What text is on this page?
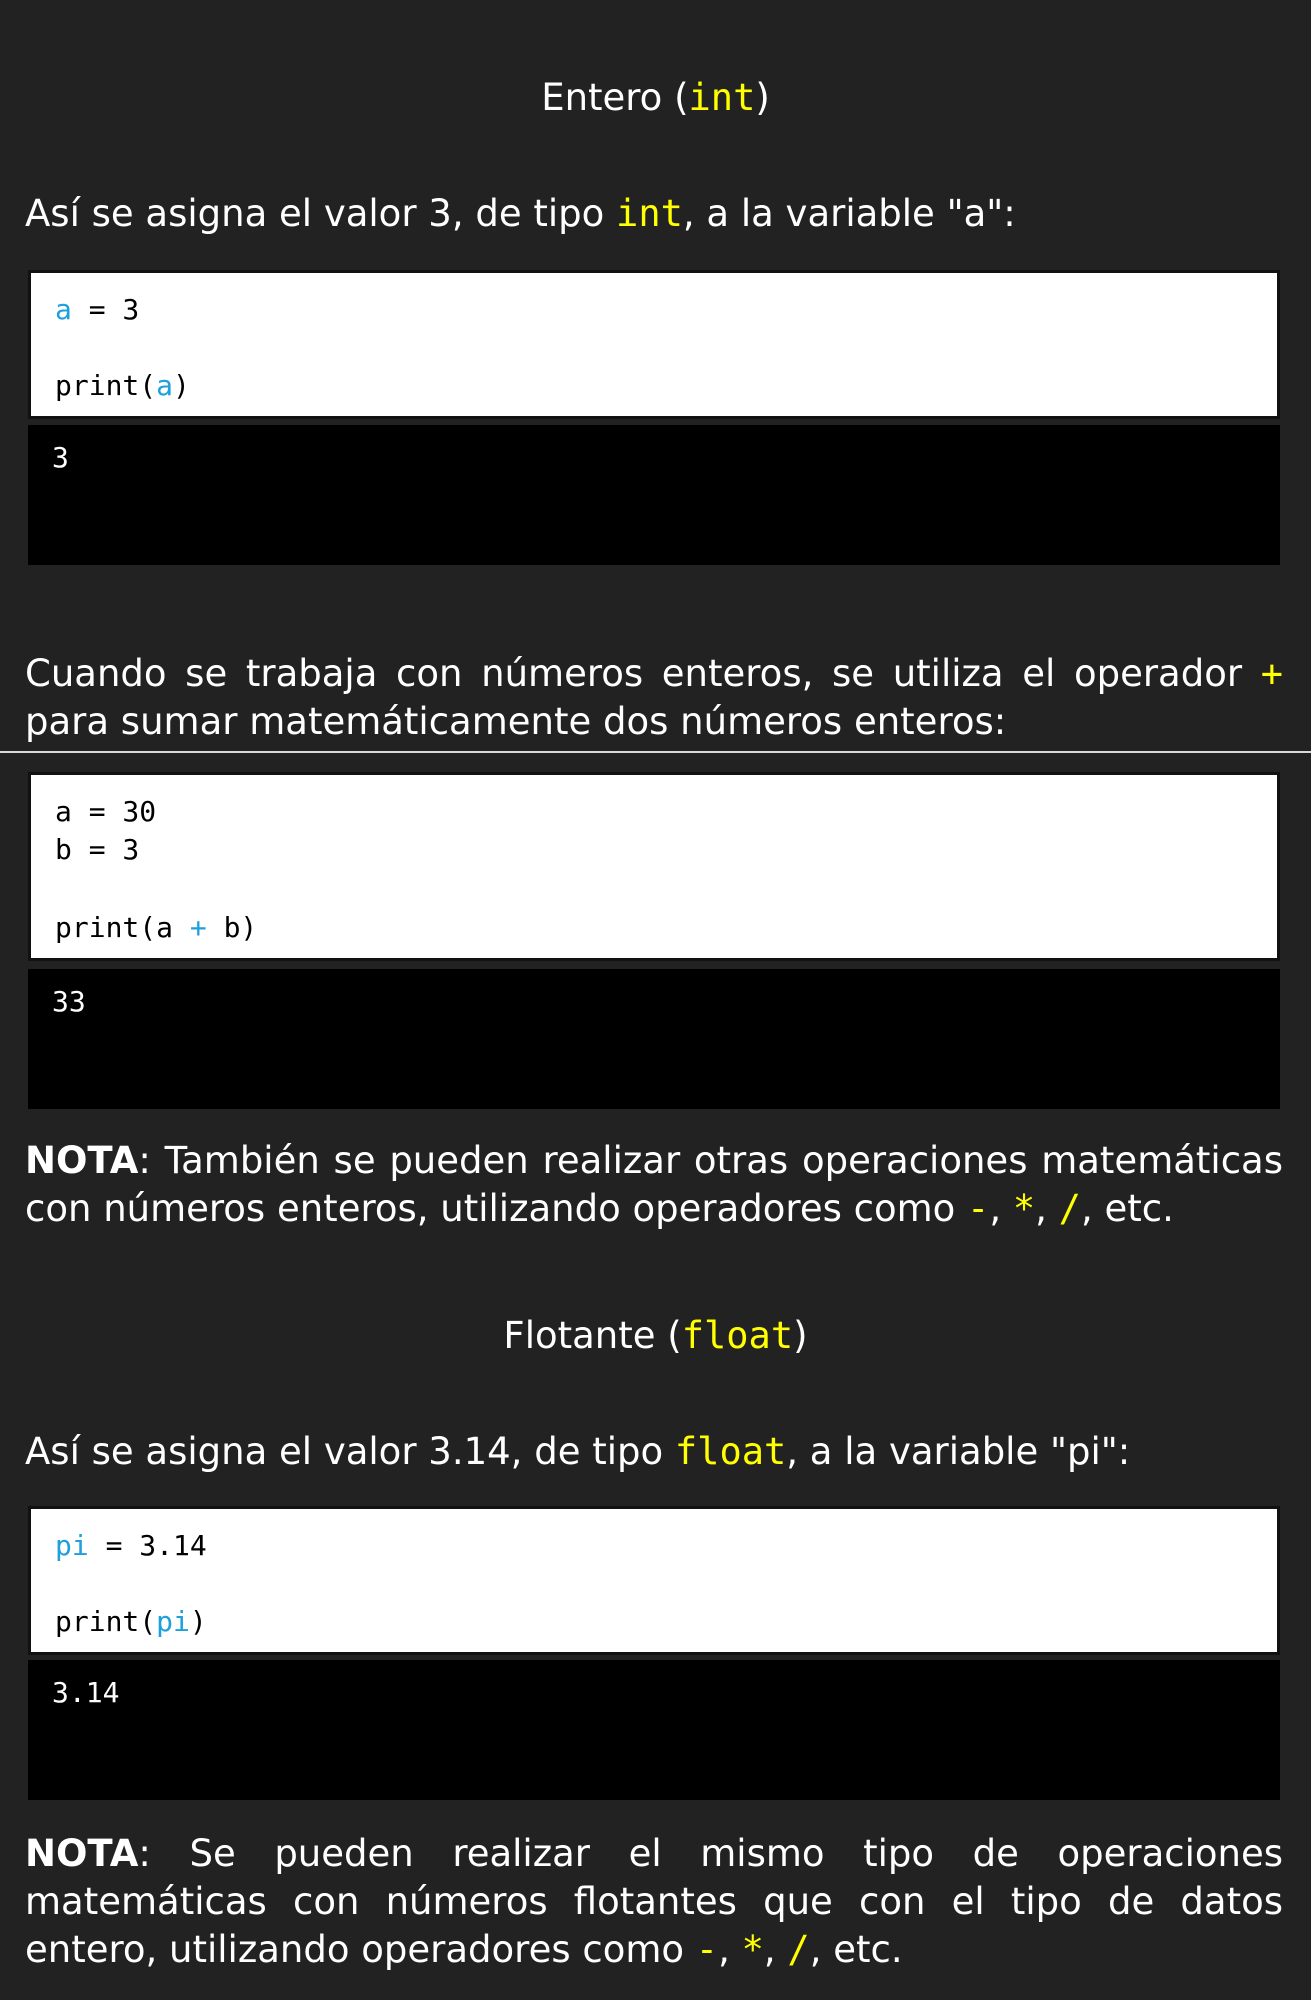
Entero (int)
Así se asigna el valor 3, de tipo int, a la variable "a":
a = 3
print(a)
3
Cuando se trabaja con números enteros, se utiliza el operador + para sumar matemáticamente dos números enteros:
a = 30
b = 3
print(a + b)
33
NOTA: También se pueden realizar otras operaciones matemáticas con números enteros, utilizando operadores como -, *, /, etc.
Flotante (float)
Así se asigna el valor 3.14, de tipo float, a la variable "pi":
pi = 3.14
print(pi)
3.14
NOTA: Se pueden realizar el mismo tipo de operaciones matemáticas con números flotantes que con el tipo de datos entero, utilizando operadores como -, *, /, etc.
